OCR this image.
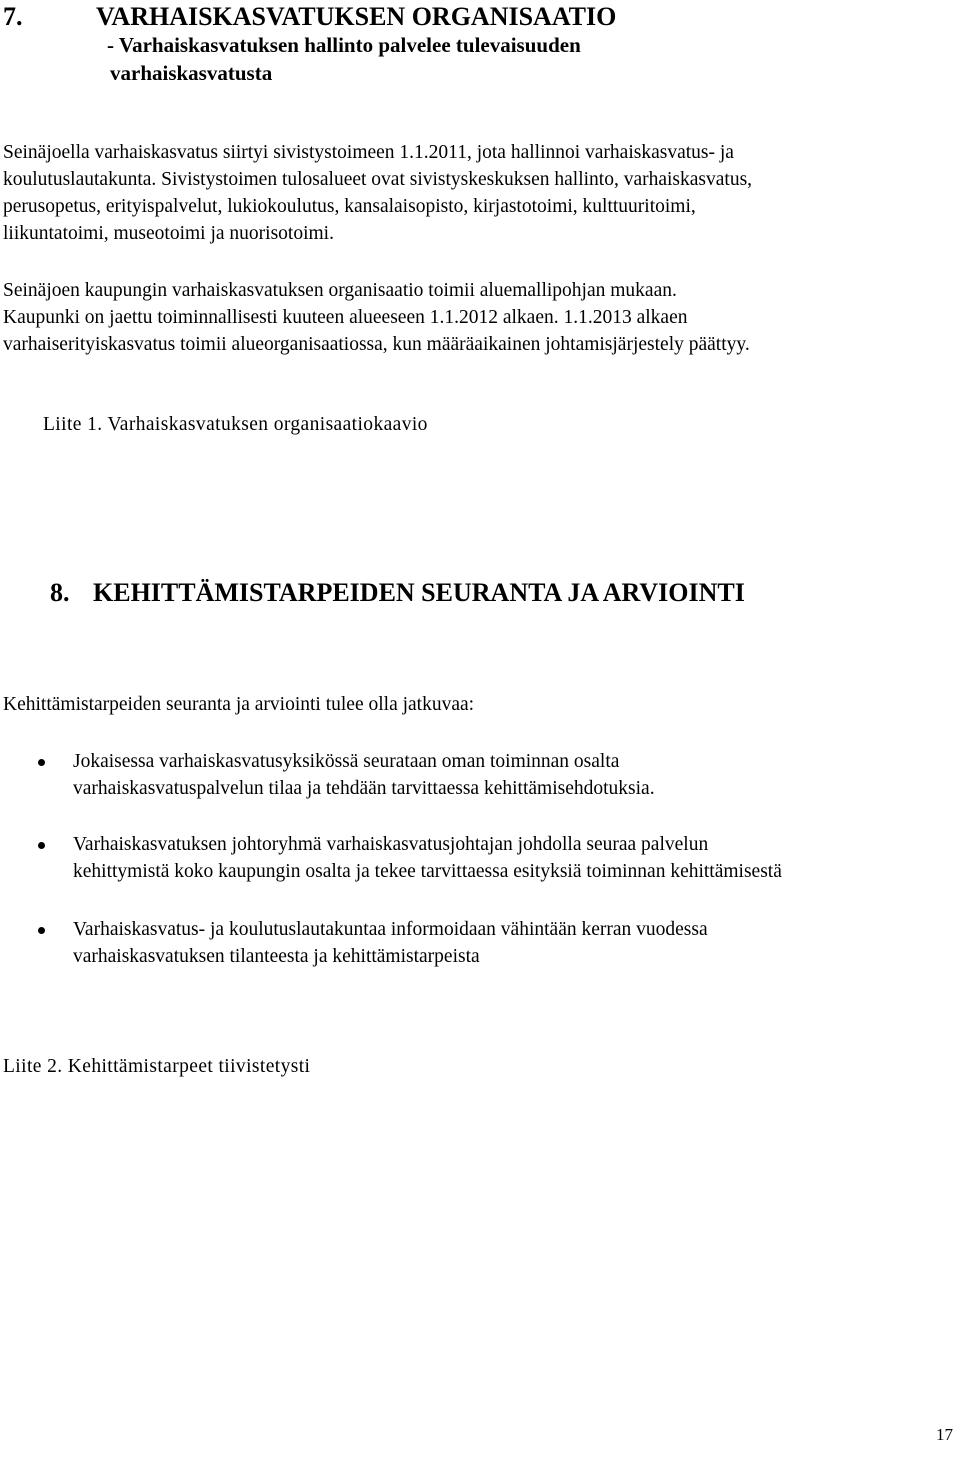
7.	VARHAISKASVATUKSEN ORGANISAATIO
- Varhaiskasvatuksen hallinto palvelee tulevaisuuden
varhaiskasvatusta
Seinäjoella varhaiskasvatus siirtyi sivistystoimeen 1.1.2011, jota hallinnoi varhaiskasvatus- ja
koulutuslautakunta. Sivistystoimen tulosalueet ovat sivistyskeskuksen hallinto, varhaiskasvatus,
perusopetus, erityispalvelut, lukiokoulutus, kansalaisopisto, kirjastotoimi, kulttuuritoimi,
liikuntatoimi, museotoimi ja nuorisotoimi.
Seinäjoen kaupungin varhaiskasvatuksen organisaatio toimii aluemallipohjan mukaan.
Kaupunki on jaettu toiminnallisesti kuuteen alueeseen 1.1.2012 alkaen. 1.1.2013 alkaen
varhaiserityiskasvatus toimii alueorganisaatiossa, kun määräaikainen johtamisjärjestely päättyy.
Liite 1. Varhaiskasvatuksen organisaatiokaavio
8. KEHITTÄMISTARPEIDEN SEURANTA JA ARVIOINTI
Kehittämistarpeiden seuranta ja arviointi tulee olla jatkuvaa:
Jokaisessa varhaiskasvatusyksikössä seurataan oman toiminnan osalta
varhaiskasvatuspalvelun tilaa ja tehdään tarvittaessa kehittämisehdotuksia.
Varhaiskasvatuksen johtoryhmä varhaiskasvatusjohtajan johdolla seuraa palvelun
kehittymistä koko kaupungin osalta ja tekee tarvittaessa esityksiä toiminnan kehittämisestä
Varhaiskasvatus- ja koulutuslautakuntaa informoidaan vähintään kerran vuodessa
varhaiskasvatuksen tilanteesta ja kehittämistarpeista
Liite 2. Kehittämistarpeet tiivistetysti
17
